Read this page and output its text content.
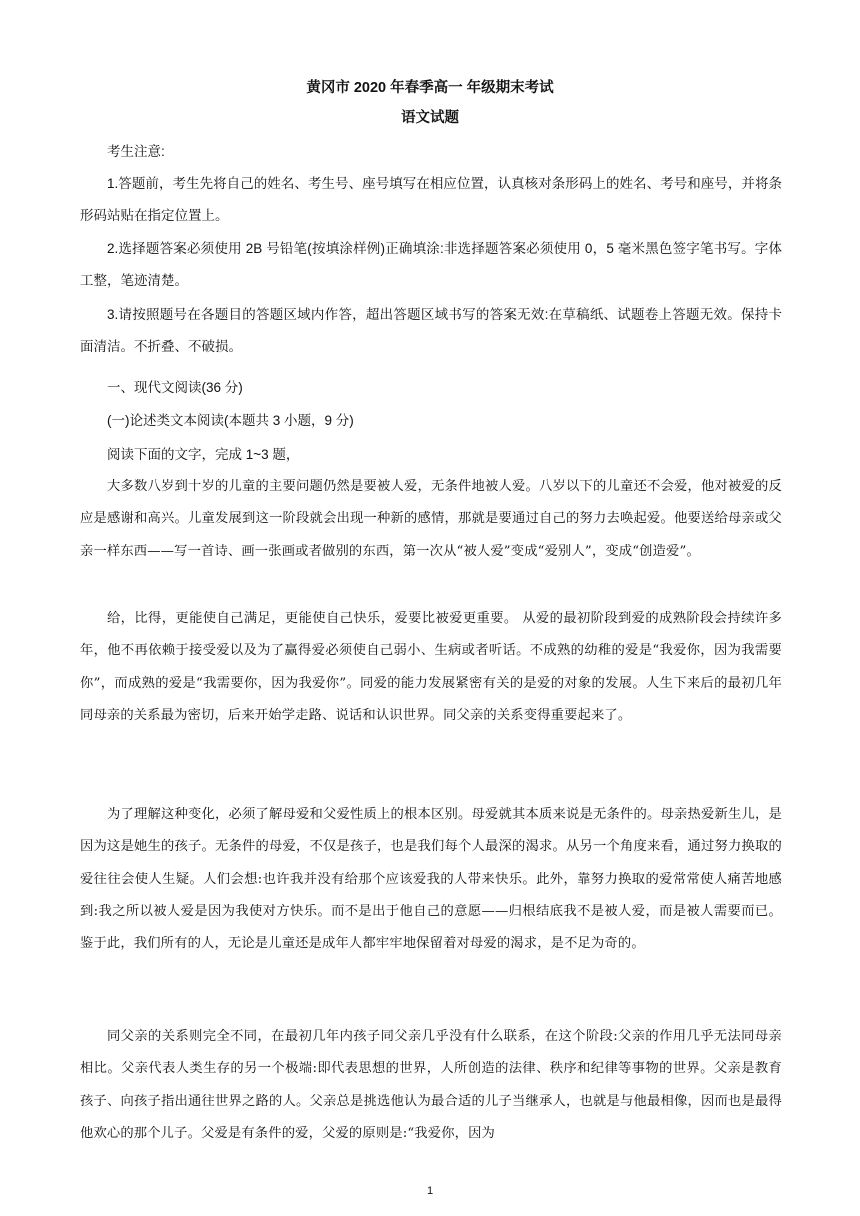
黄冈市 2020 年春季高一 年级期末考试
语文试题
考生注意:

1.答题前，考生先将自己的姓名、考生号、座号填写在相应位置，认真核对条形码上的姓名、考号和座号，并将条形码站贴在指定位置上。

2.选择题答案必须使用 2B 号铅笔(按填涂样例)正确填涂:非选择题答案必须使用 0，5 毫米黑色签字笔书写。字体工整，笔迹清楚。

3.请按照题号在各题目的答题区域内作答，超出答题区域书写的答案无效:在草稿纸、试题卷上答题无效。保持卡面清洁。不折叠、不破损。

一、现代文阅读(36 分)
(一)论述类文本阅读(本题共 3 小题，9 分)
阅读下面的文字，完成 1~3 题，

大多数八岁到十岁的儿童的主要问题仍然是要被人爱，无条件地被人爱。八岁以下的儿童还不会爱，他对被爱的反应是感谢和高兴。儿童发展到这一阶段就会出现一种新的感情，那就是要通过自己的努力去唤起爱。他要送给母亲或父亲一样东西——写一首诗、画一张画或者做别的东西，第一次从“被人爱”变成“爱别人”，变成“创造爱”。

给，比得，更能使自己满足，更能使自己快乐，爱要比被爱更重要。 从爱的最初阶段到爱的成熟阶段会持续许多年，他不再依赖于接受爱以及为了赢得爱必须使自己弱小、生病或者听话。不成熟的幼稚的爱是“我爱你，因为我需要你”，而成熟的爱是“我需要你，因为我爱你”。同爱的能力发展紧密有关的是爱的对象的发展。人生下来后的最初几年同母亲的关系最为密切，后来开始学走路、说话和认识世界。同父亲的关系变得重要起来了。

为了理解这种变化，必须了解母爱和父爱性质上的根本区别。母爱就其本质来说是无条件的。母亲热爱新生儿，是因为这是她生的孩子。无条件的母爱，不仅是孩子，也是我们每个人最深的渴求。从另一个角度来看，通过努力换取的爱往往会使人生疑。人们会想:也许我并没有给那个应该爱我的人带来快乐。此外，靠努力换取的爱常常使人痛苦地感到:我之所以被人爱是因为我使对方快乐。而不是出于他自己的意愿——归根结底我不是被人爱，而是被人需要而已。鉴于此，我们所有的人，无论是儿童还是成年人都牢牢地保留着对母爱的渴求，是不足为奇的。

同父亲的关系则完全不同，在最初几年内孩子同父亲几乎没有什么联系，在这个阶段:父亲的作用几乎无法同母亲相比。父亲代表人类生存的另一个极端:即代表思想的世界，人所创造的法律、秩序和纪律等事物的世界。父亲是教育孩子、向孩子指出通往世界之路的人。父亲总是挑选他认为最合适的儿子当继承人，也就是与他最相像，因而也是最得他欢心的那个儿子。父爱是有条件的爱，父爱的原则是:“我爱你，因为

1
